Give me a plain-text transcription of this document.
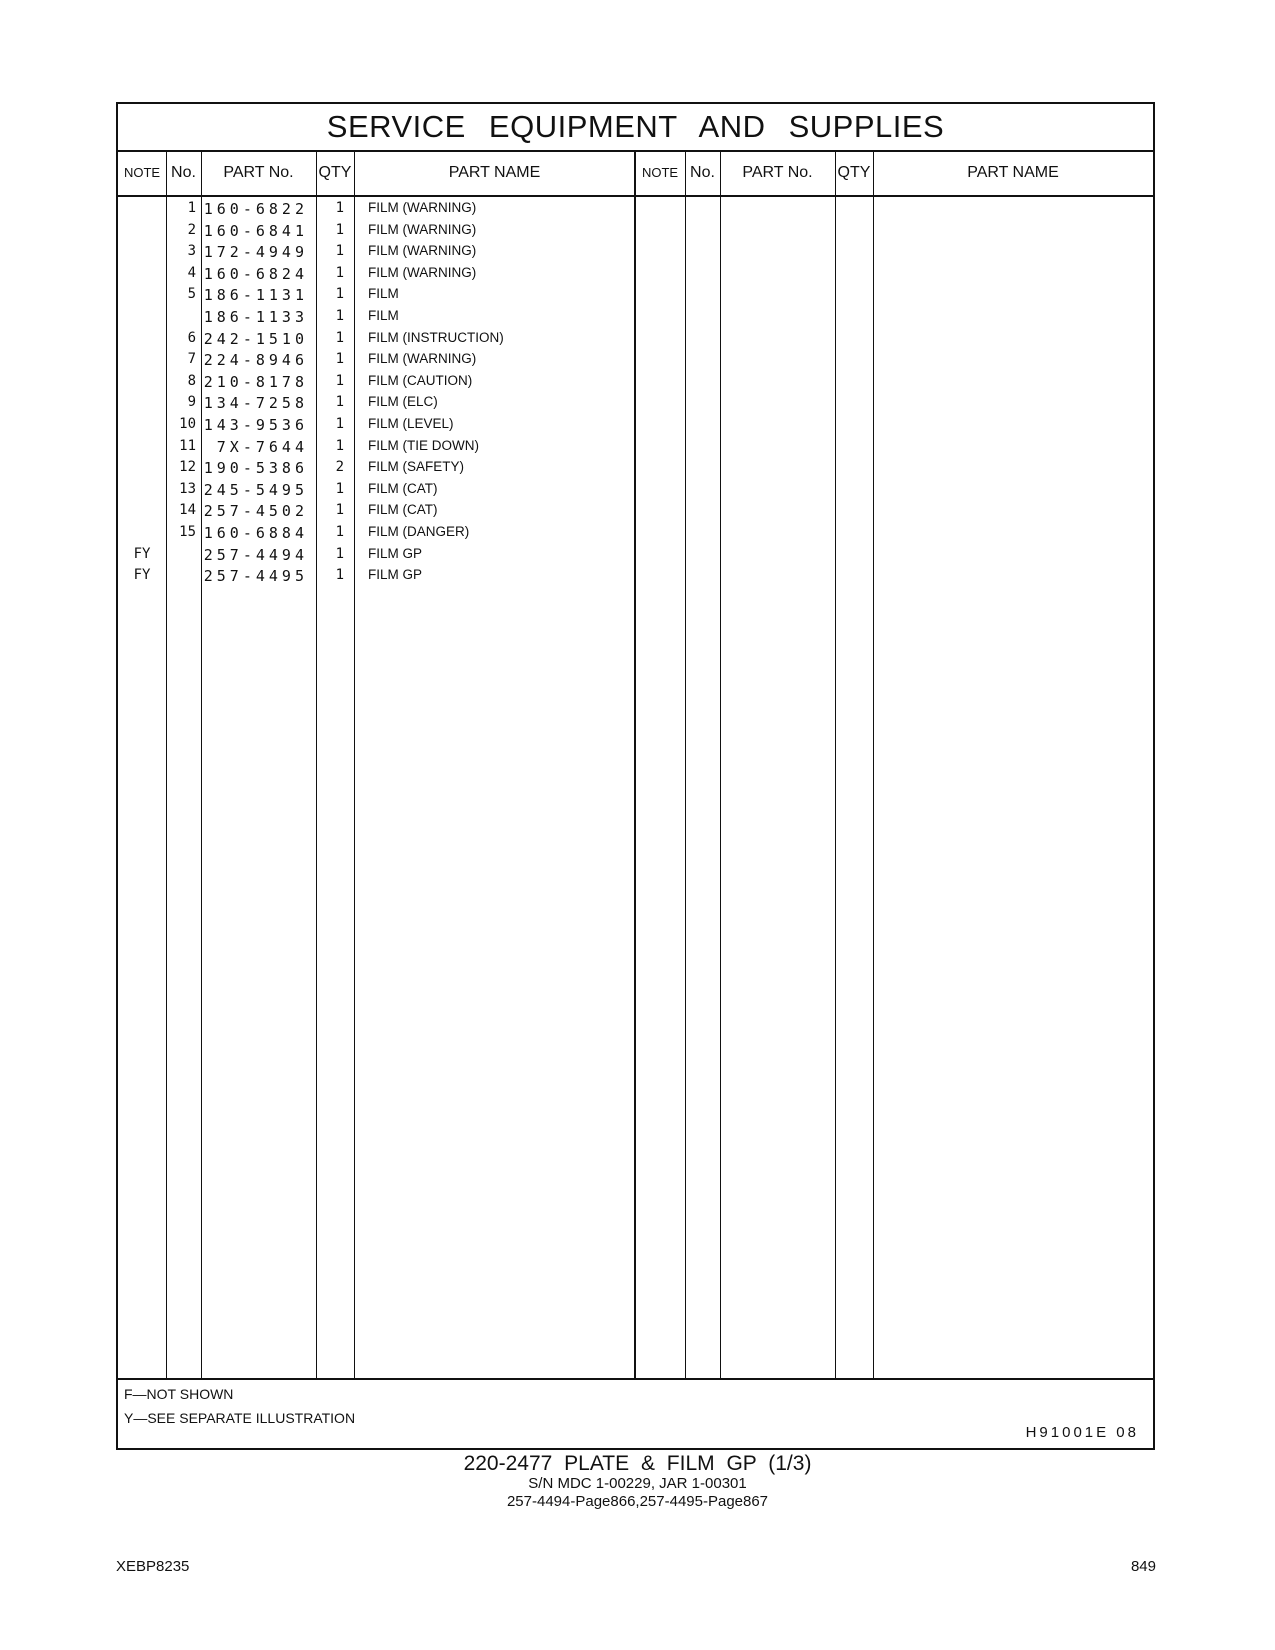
SERVICE EQUIPMENT AND SUPPLIES
NOTE No.	PART No.	QTY	PART NAME	NOTE No.	PART No.	QTY	PART NAME
1 160-6822	1 FILM (WARNING)
2 160-6841	1 FILM (WARNING)
3 172-4949	1 FILM (WARNING)
4 160-6824	1 FILM (WARNING)
5 186-1131	1 FILM
186-1133	1 FILM
6 242-1510	1 FILM (INSTRUCTION)
7 224-8946	1 FILM (WARNING)
8 210-8178	1 FILM (CAUTION)
9 134-7258	1 FILM (ELC)
10 143-9536	1 FILM (LEVEL)
11	7X-7644	1 FILM (TIE DOWN)
12 190-5386	2 FILM (SAFETY)
13 245-5495	1 FILM (CAT)
14 257-4502	1 FILM (CAT)
15 160-6884	1 FILM (DANGER)
FY	257-4494	1 FILM GP
FY	257-4495	1 FILM GP
F—NOT SHOWN
Y—SEE SEPARATE ILLUSTRATION
H91001E 08
220-2477 PLATE & FILM GP (1/3)
S/N MDC 1-00229, JAR 1-00301
257-4494-Page866,257-4495-Page867
XEBP8235	849
